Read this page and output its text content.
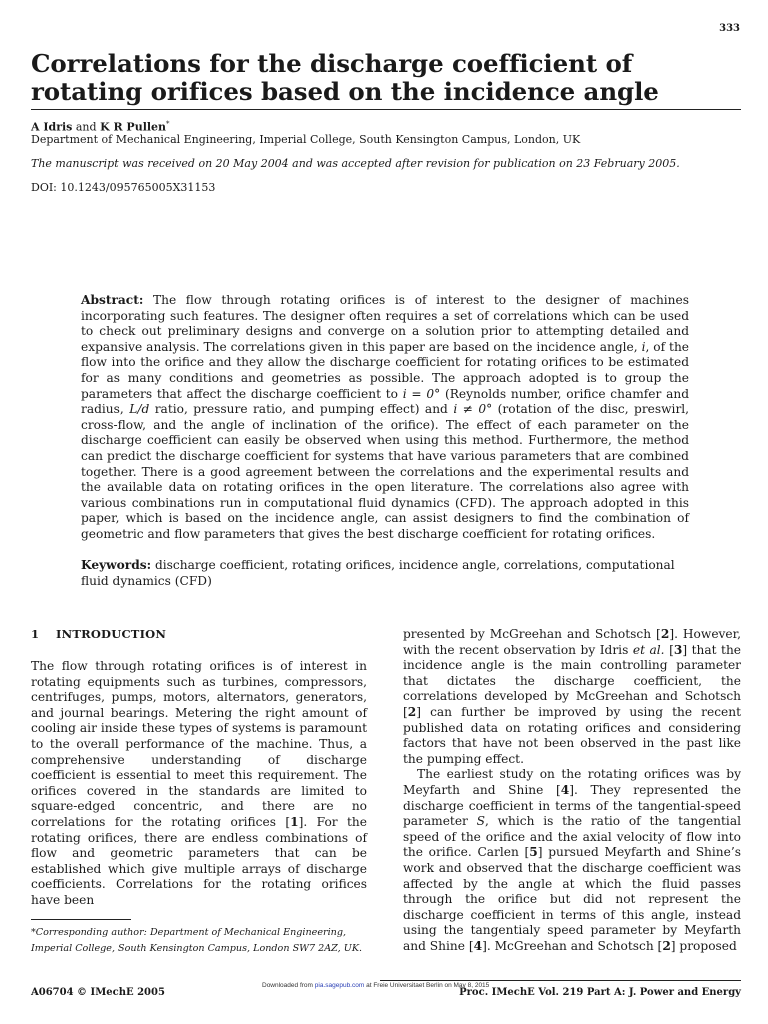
333
Correlations for the discharge coefficient of rotating orifices based on the incidence angle
A Idris and K R Pullen*
Department of Mechanical Engineering, Imperial College, South Kensington Campus, London, UK
The manuscript was received on 20 May 2004 and was accepted after revision for publication on 23 February 2005.
DOI: 10.1243/095765005X31153
Abstract: The flow through rotating orifices is of interest to the designer of machines incorporating such features. The designer often requires a set of correlations which can be used to check out preliminary designs and converge on a solution prior to attempting detailed and expansive analysis. The correlations given in this paper are based on the incidence angle, i, of the flow into the orifice and they allow the discharge coefficient for rotating orifices to be estimated for as many conditions and geometries as possible. The approach adopted is to group the parameters that affect the discharge coefficient to i = 0° (Reynolds number, orifice chamfer and radius, L/d ratio, pressure ratio, and pumping effect) and i ≠ 0° (rotation of the disc, preswirl, cross-flow, and the angle of inclination of the orifice). The effect of each parameter on the discharge coefficient can easily be observed when using this method. Furthermore, the method can predict the discharge coefficient for systems that have various parameters that are combined together. There is a good agreement between the correlations and the experimental results and the available data on rotating orifices in the open literature. The correlations also agree with various combinations run in computational fluid dynamics (CFD). The approach adopted in this paper, which is based on the incidence angle, can assist designers to find the combination of geometric and flow parameters that gives the best discharge coefficient for rotating orifices.
Keywords: discharge coefficient, rotating orifices, incidence angle, correlations, computational fluid dynamics (CFD)
1 INTRODUCTION

The flow through rotating orifices is of interest in rotating equipments such as turbines, compressors, centrifuges, pumps, motors, alternators, generators, and journal bearings. Metering the right amount of cooling air inside these types of systems is paramount to the overall performance of the machine. Thus, a comprehensive understanding of discharge coefficient is essential to meet this requirement. The orifices covered in the standards are limited to square-edged concentric, and there are no correlations for the rotating orifices [1]. For the rotating orifices, there are endless combinations of flow and geometric parameters that can be established which give multiple arrays of discharge coefficients. Correlations for the rotating orifices have been

*Corresponding author: Department of Mechanical Engineering, Imperial College, South Kensington Campus, London SW7 2AZ, UK.

presented by McGreehan and Schotsch [2]. However, with the recent observation by Idris et al. [3] that the incidence angle is the main controlling parameter that dictates the discharge coefficient, the correlations developed by McGreehan and Schotsch [2] can further be improved by using the recent published data on rotating orifices and considering factors that have not been observed in the past like the pumping effect.

The earliest study on the rotating orifices was by Meyfarth and Shine [4]. They represented the discharge coefficient in terms of the tangential-speed parameter S, which is the ratio of the tangential speed of the orifice and the axial velocity of flow into the orifice. Carlen [5] pursued Meyfarth and Shine’s work and observed that the discharge coefficient was affected by the angle at which the fluid passes through the orifice but did not represent the discharge coefficient in terms of this angle, instead using the tangentialy speed parameter by Meyfarth and Shine [4]. McGreehan and Schotsch [2] proposed

Downloaded from pia.sagepub.com at Freie Universitaet Berlin on May 8, 2015
A06704 © IMechE 2005	Proc. IMechE Vol. 219 Part A: J. Power and Energy
